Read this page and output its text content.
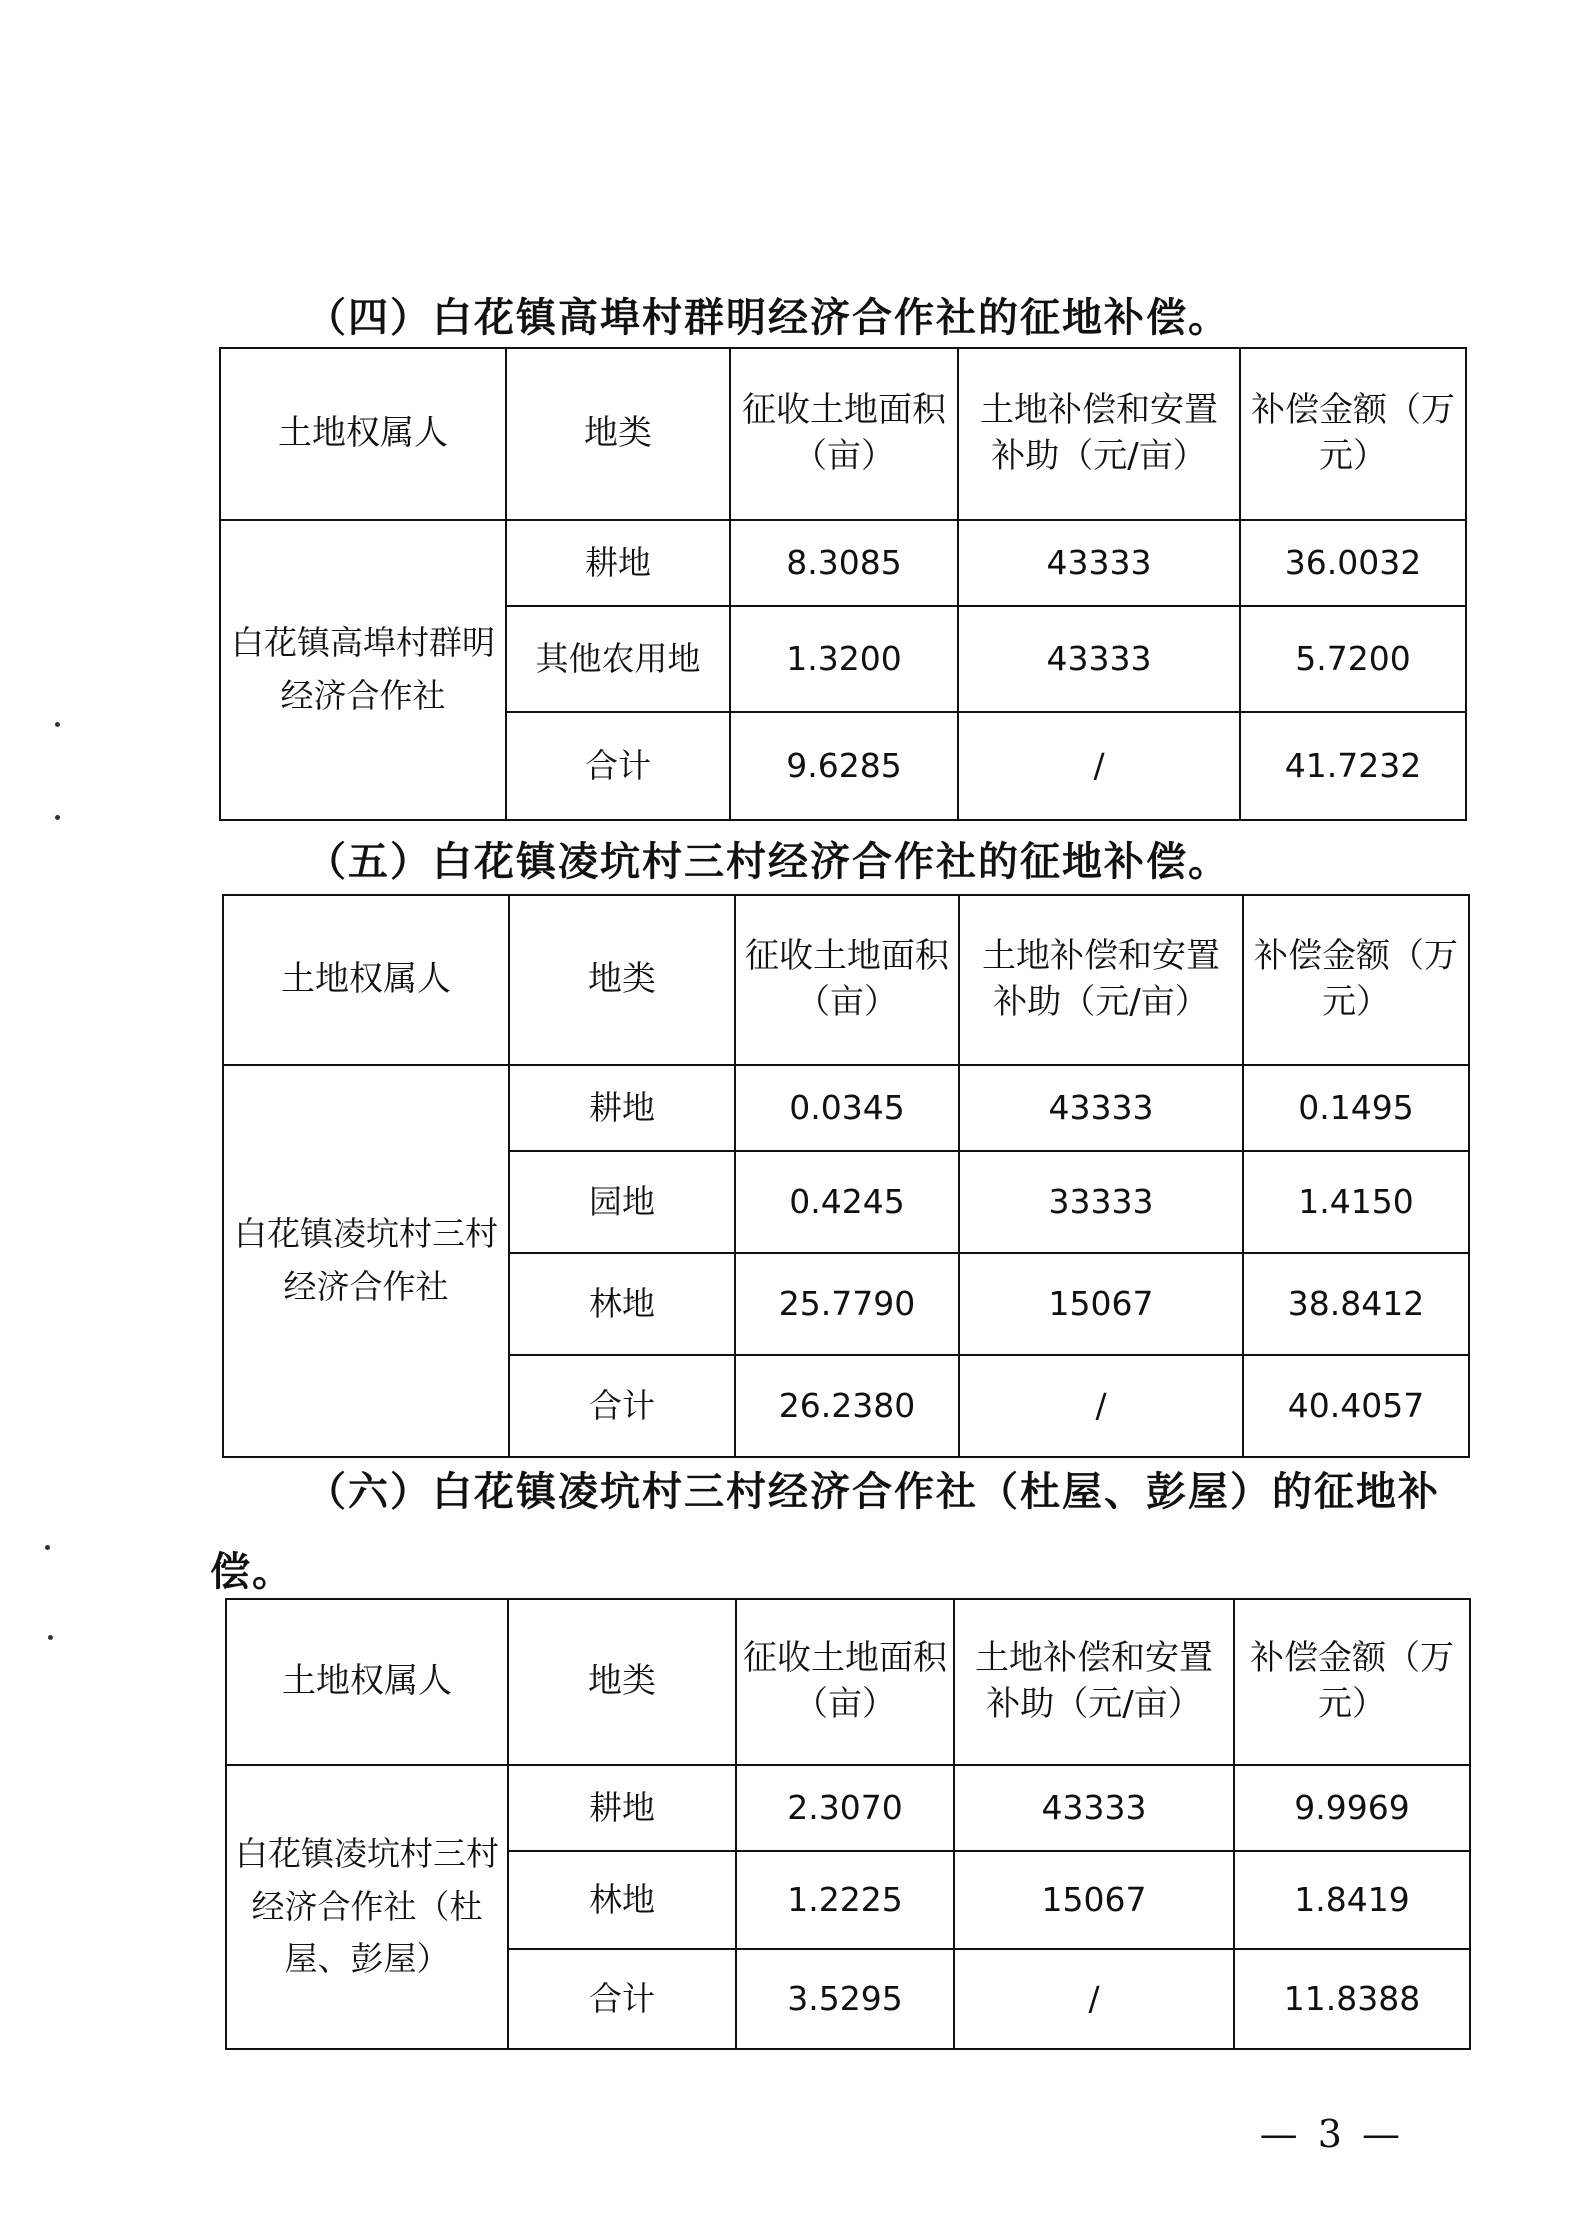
（四）白花镇高埠村群明经济合作社的征地补偿。
土地权属人	地类	征收土地面积（亩）	土地补偿和安置补助（元/亩）	补偿金额（万元）
白花镇高埠村群明经济合作社	耕地	8.3085	43333	36.0032
	其他农用地	1.3200	43333	5.7200
	合计	9.6285	/	41.7232
（五）白花镇凌坑村三村经济合作社的征地补偿。
土地权属人	地类	征收土地面积（亩）	土地补偿和安置补助（元/亩）	补偿金额（万元）
白花镇凌坑村三村经济合作社	耕地	0.0345	43333	0.1495
	园地	0.4245	33333	1.4150
	林地	25.7790	15067	38.8412
	合计	26.2380	/	40.4057
（六）白花镇凌坑村三村经济合作社（杜屋、彭屋）的征地补
偿。
土地权属人	地类	征收土地面积（亩）	土地补偿和安置补助（元/亩）	补偿金额（万元）
白花镇凌坑村三村经济合作社（杜屋、彭屋）	耕地	2.3070	43333	9.9969
	林地	1.2225	15067	1.8419
	合计	3.5295	/	11.8388
— 3 —
